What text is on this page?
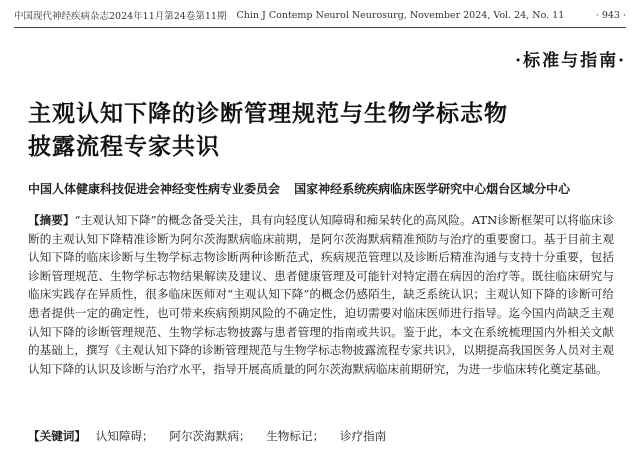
中国现代神经疾病杂志2024年11月第24卷第11期 Chin J Contemp Neurol Neurosurg, November 2024, Vol. 24, No. 11	· 943 ·
·标准与指南·
主观认知下降的诊断管理规范与生物学标志物
披露流程专家共识
中国人体健康科技促进会神经变性病专业委员会 国家神经系统疾病临床医学研究中心烟台区域分中心

【摘要】“主观认知下降”的概念备受关注，具有向轻度认知障碍和痴呆转化的高风险。ATN诊断框架可以将临床诊断的主观认知下降精准诊断为阿尔茨海默病临床前期，是阿尔茨海默病精准预防与治疗的重要窗口。基于目前主观认知下降的临床诊断与生物学标志物诊断两种诊断范式，疾病规范管理以及诊断后精准沟通与支持十分重要，包括诊断管理规范、生物学标志物结果解读及建议、患者健康管理及可能针对特定潜在病因的治疗等。既往临床研究与临床实践存在异质性，很多临床医师对“主观认知下降”的概念仍感陌生，缺乏系统认识；主观认知下降的诊断可给患者提供一定的确定性，也可带来疾病预期风险的不确定性，迫切需要对临床医师进行指导。迄今国内尚缺乏主观认知下降的诊断管理规范、生物学标志物披露与患者管理的指南或共识。鉴于此，本文在系统梳理国内外相关文献的基础上，撰写《主观认知下降的诊断管理规范与生物学标志物披露流程专家共识》，以期提高我国医务人员对主观认知下降的认识及诊断与治疗水平，指导开展高质量的阿尔茨海默病临床前期研究，为进一步临床转化奠定基础。

【关键词】 认知障碍； 阿尔茨海默病； 生物标记； 诊疗指南
